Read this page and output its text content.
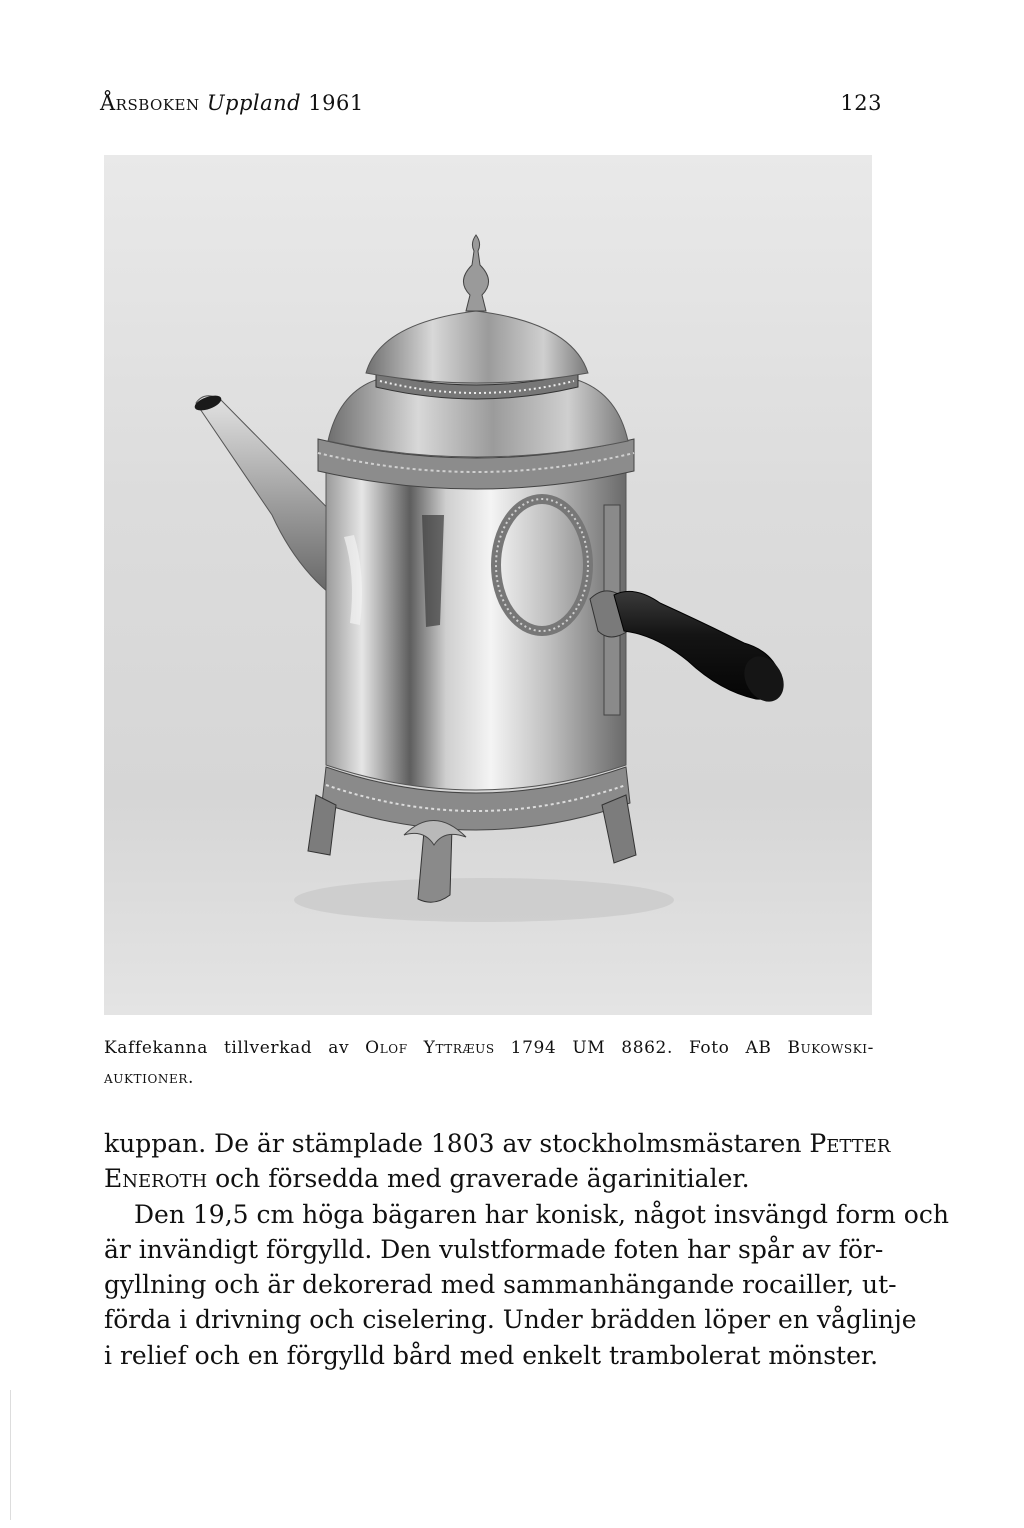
Årsboken Uppland 1961	123
Kaffekanna tillverkad av Olof Yttræus 1794 UM 8862. Foto AB Bukowski-
auktioner.
kuppan. De är stämplade 1803 av stockholmsmästaren Petter
Eneroth och försedda med graverade ägarinitialer.
Den 19,5 cm höga bägaren har konisk, något insvängd form och
är invändigt förgylld. Den vulstformade foten har spår av för-
gyllning och är dekorerad med sammanhängande rocailler, ut-
förda i drivning och ciselering. Under brädden löper en våglinje
i relief och en förgylld bård med enkelt trambolerat mönster.
